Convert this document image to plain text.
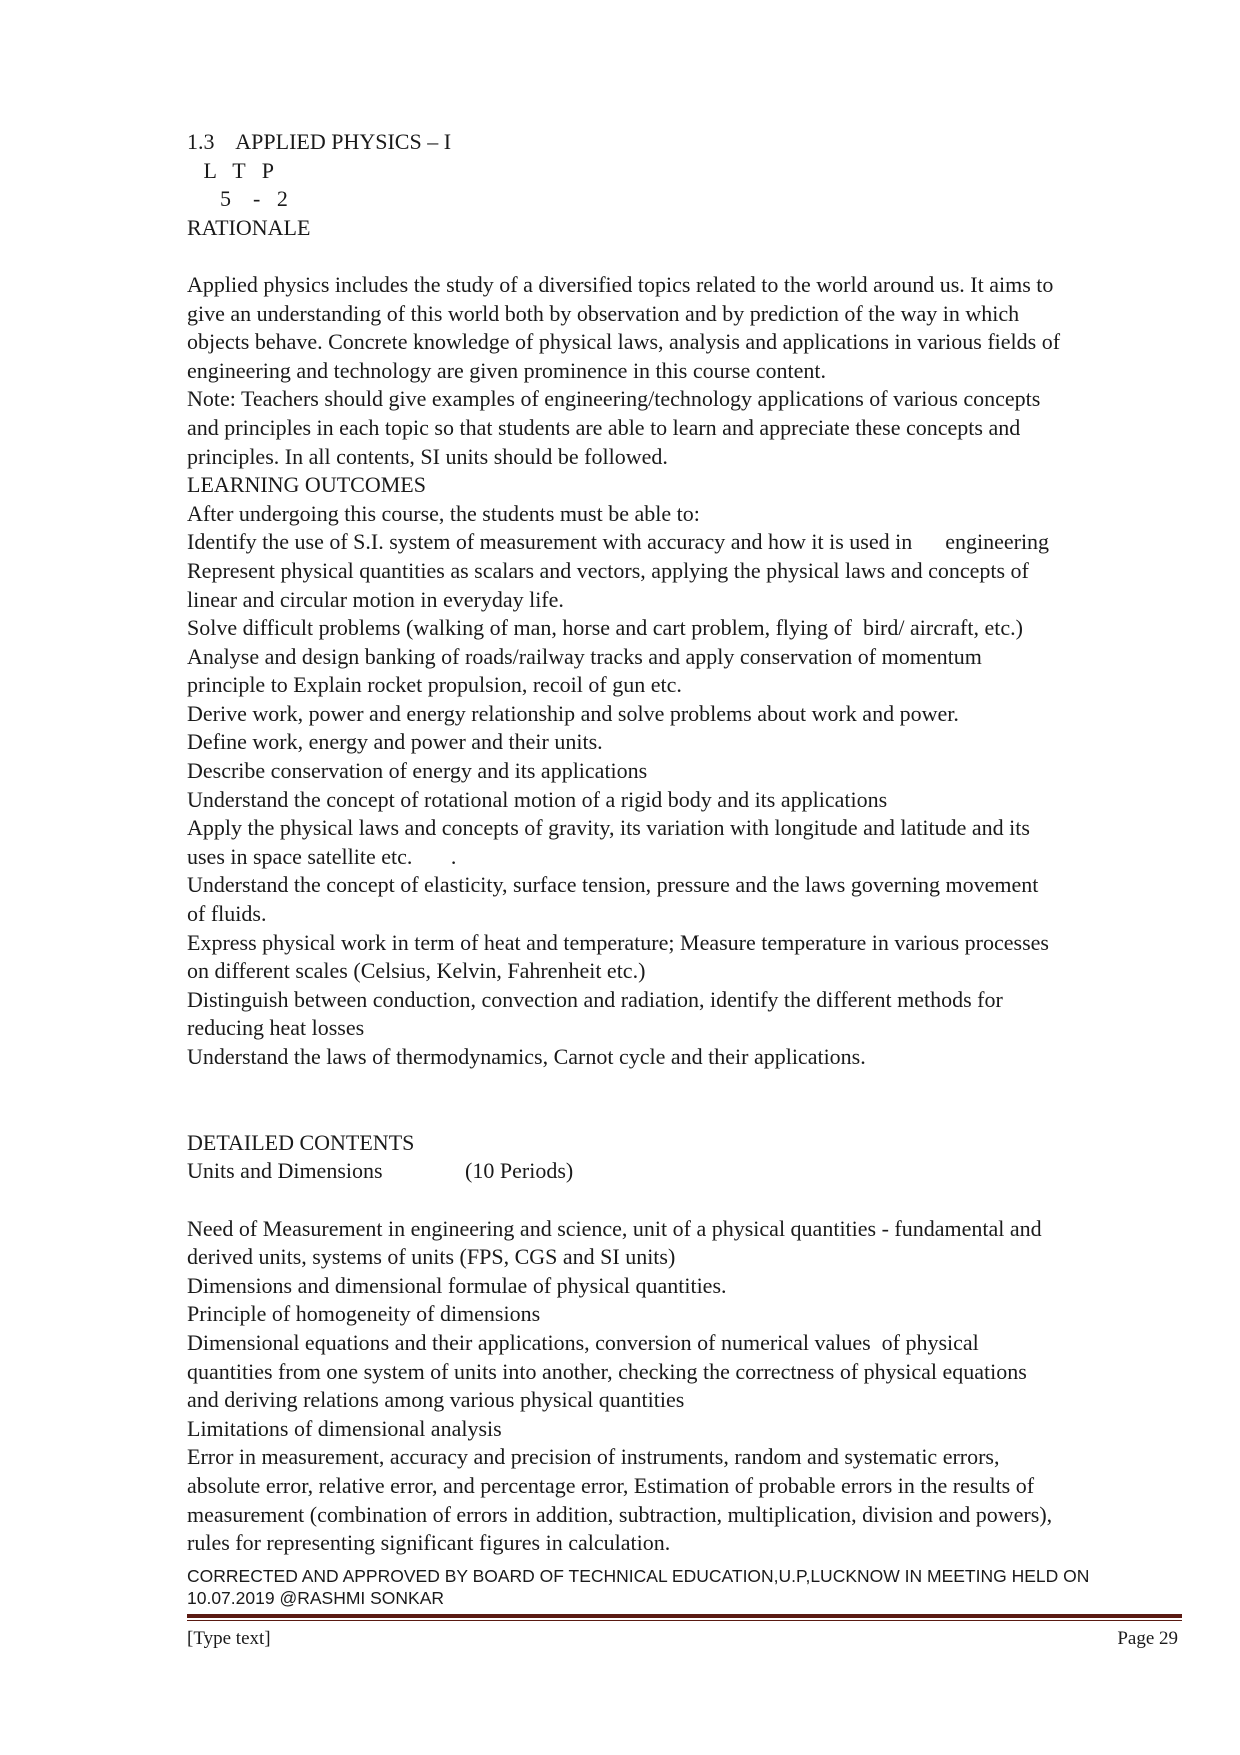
1.3    APPLIED PHYSICS – I

L   T   P

5    -   2

RATIONALE

Applied physics includes the study of a diversified topics related to the world around us. It aims to

give an understanding of this world both by observation and by prediction of the way in which

objects behave. Concrete knowledge of physical laws, analysis and applications in various fields of

engineering and technology are given prominence in this course content.

Note: Teachers should give examples of engineering/technology applications of various concepts

and principles in each topic so that students are able to learn and appreciate these concepts and

principles. In all contents, SI units should be followed.

LEARNING OUTCOMES

After undergoing this course, the students must be able to:

Identify the use of S.I. system of measurement with accuracy and how it is used in      engineering

Represent physical quantities as scalars and vectors, applying the physical laws and concepts of

linear and circular motion in everyday life.

Solve difficult problems (walking of man, horse and cart problem, flying of  bird/ aircraft, etc.)

Analyse and design banking of roads/railway tracks and apply conservation of momentum

principle to Explain rocket propulsion, recoil of gun etc.

Derive work, power and energy relationship and solve problems about work and power.

Define work, energy and power and their units.

Describe conservation of energy and its applications

Understand the concept of rotational motion of a rigid body and its applications

Apply the physical laws and concepts of gravity, its variation with longitude and latitude and its

uses in space satellite etc.       .

Understand the concept of elasticity, surface tension, pressure and the laws governing movement

of fluids.

Express physical work in term of heat and temperature; Measure temperature in various processes

on different scales (Celsius, Kelvin, Fahrenheit etc.)

Distinguish between conduction, convection and radiation, identify the different methods for

reducing heat losses

Understand the laws of thermodynamics, Carnot cycle and their applications.

DETAILED CONTENTS

Units and Dimensions               (10 Periods)

Need of Measurement in engineering and science, unit of a physical quantities - fundamental and

derived units, systems of units (FPS, CGS and SI units)

Dimensions and dimensional formulae of physical quantities.

Principle of homogeneity of dimensions

Dimensional equations and their applications, conversion of numerical values  of physical

quantities from one system of units into another, checking the correctness of physical equations

and deriving relations among various physical quantities

Limitations of dimensional analysis

Error in measurement, accuracy and precision of instruments, random and systematic errors,

absolute error, relative error, and percentage error, Estimation of probable errors in the results of

measurement (combination of errors in addition, subtraction, multiplication, division and powers),

rules for representing significant figures in calculation.

CORRECTED AND APPROVED BY BOARD OF TECHNICAL EDUCATION,U.P,LUCKNOW IN MEETING HELD ON
10.07.2019 @RASHMI SONKAR
[Type text]	Page 29
